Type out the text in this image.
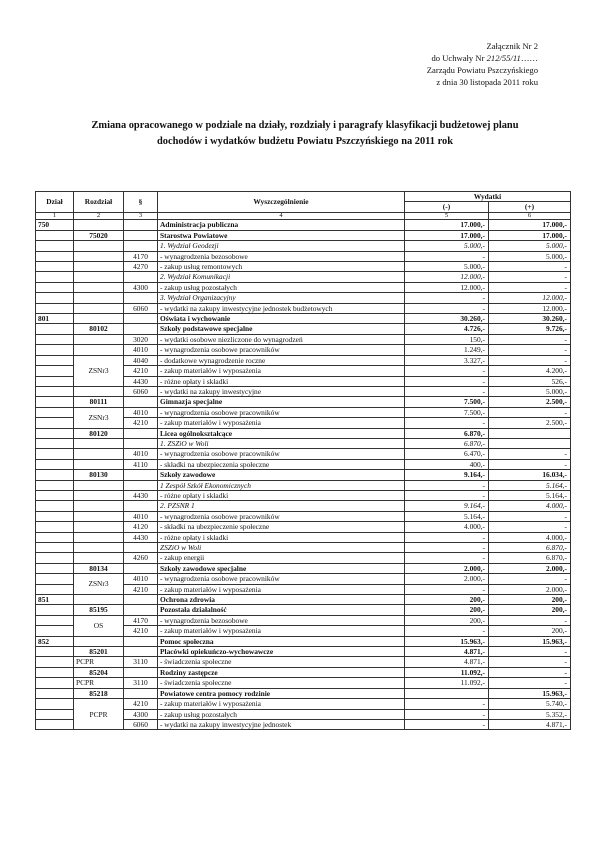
Załącznik Nr 2
do Uchwały Nr 212/55/11……
Zarządu Powiatu Pszczyńskiego
z dnia 30 listopada 2011 roku
Zmiana opracowanego w podziale na działy, rozdziały i paragrafy klasyfikacji budżetowej planu
dochodów i wydatków budżetu Powiatu Pszczyńskiego na 2011 rok
Dział	Rozdział	§	Wyszczególnienie	Wydatki	
				(-)	(+)
1	2	3	4	5	6
750			Administracja publiczna	17.000,-	17.000,-
	75020		Starostwa Powiatowe	17.000,-	17.000,-
			1. Wydział Geodezji	5.000,-	5.000,-
		4170	- wynagrodzenia bezosobowe	-	5.000,-
		4270	- zakup usług remontowych	5.000,-	-
			2. Wydział Komunikacji	12.000,-	-
		4300	- zakup usług pozostałych	12.000,-	-
			3. Wydział Organizacyjny	-	12.000,-
		6060	- wydatki na zakupy inwestycyjne jednostek budżetowych	-	12.000,-
801			Oświata i wychowanie	30.260,-	30.260,-
	80102		Szkoły podstawowe specjalne	4.726,-	9.726,-
		3020	- wydatki osobowe niezliczone do wynagrodzeń	150,-	-
		4010	- wynagrodzenia osobowe pracowników	1.249,-	-
	ZSNr3	4040	- dodatkowe wynagrodzenie roczne	3.327,-	-
		4210	- zakup materiałów i wyposażenia	-	4.200,-
		4430	- różne opłaty i składki	-	526,-
		6060	- wydatki na zakupy inwestycyjne	-	5.000,-
	80111		Gimnazja specjalne	7.500,-	2.500,-
	ZSNr3	4010	- wynagrodzenia osobowe pracowników	7.500,-	-
		4210	- zakup materiałów i wyposażenia	-	2.500,-
	80120		Licea ogólnokształcące	6.870,-	
			1. ZSZiO w Woli	6.870,-	
		4010	- wynagrodzenia osobowe pracowników	6.470,-	-
		4110	- składki na ubezpieczenia społeczne	400,-	-
	80130		Szkoły zawodowe	9.164,-	16.034,-
			1 Zespół Szkół Ekonomicznych	-	5.164,-
		4430	- różne opłaty i składki	-	5.164,-
			2. PZSNR 1	9.164,-	4.000,-
		4010	- wynagrodzenia osobowe pracowników	5.164,-	-
		4120	- składki na ubezpieczenie społeczne	4.000,-	-
		4430	- różne opłaty i składki	-	4.000,-
			ZSZiO w Woli	-	6.870,-
		4260	- zakup energii	-	6.870,-
	80134		Szkoły zawodowe specjalne	2.000,-	2.000,-
	ZSNr3	4010	- wynagrodzenia osobowe pracowników	2.000,-	-
		4210	- zakup materiałów i wyposażenia	-	2.000,-
851			Ochrona zdrowia	200,-	200,-
	85195		Pozostała działalność	200,-	200,-
	OS	4170	- wynagrodzenia bezosobowe	200,-	-
		4210	- zakup materiałów i wyposażenia	-	200,-
852			Pomoc społeczna	15.963,-	15.963,-
	85201		Placówki opiekuńczo-wychowawcze	4.871,-	-
	PCPR	3110	- świadczenia społeczne	4.871,-	-
	85204		Rodziny zastępcze	11.092,-	-
	PCPR	3110	- świadczenia społeczne	11.092,-	-
	85218		Powiatowe centra pomocy rodzinie		15.963,-
	PCPR	4210	- zakup materiałów i wyposażenia	-	5.740,-
		4300	- zakup usług pozostałych	-	5.352,-
		6060	- wydatki na zakupy inwestycyjne jednostek	-	4.871,-
